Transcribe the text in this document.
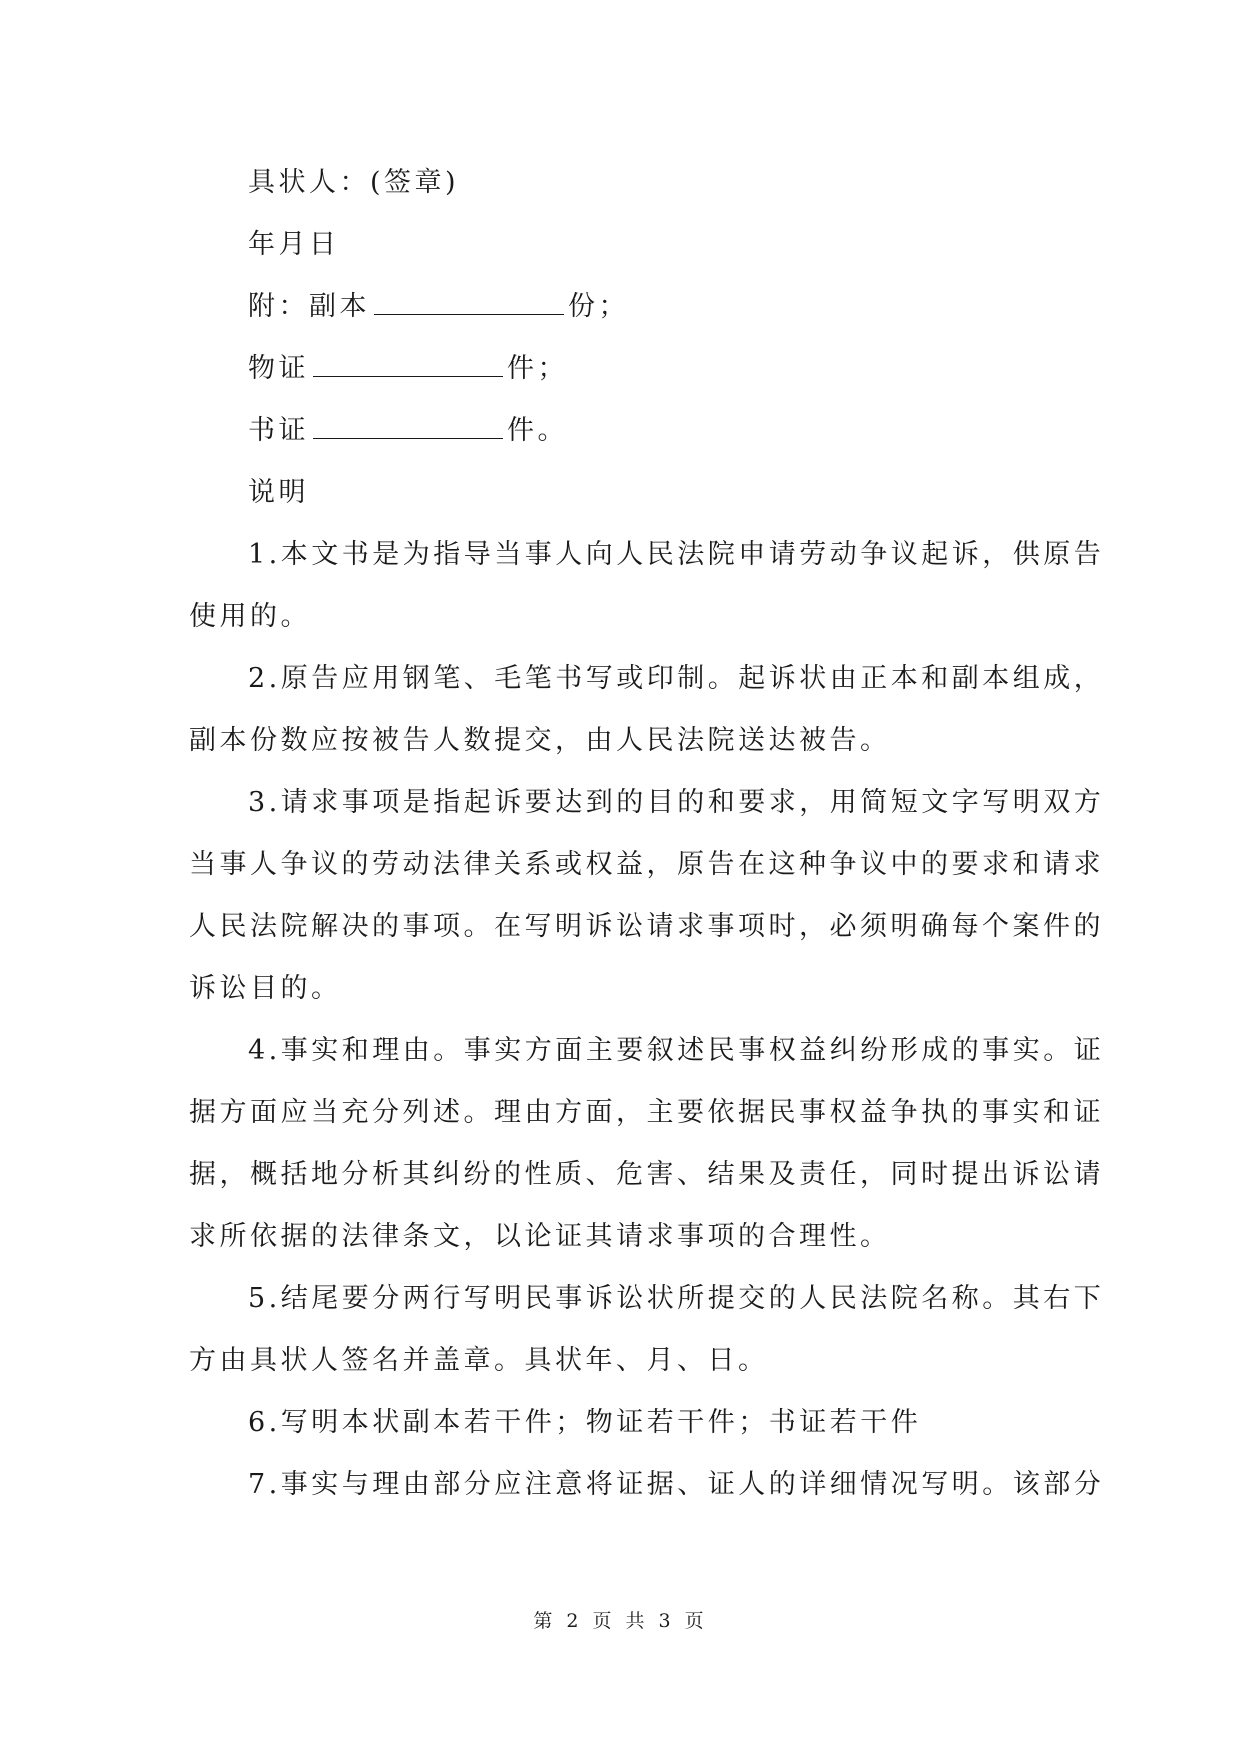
具状人：(签章)
年月日
附：副本	份；
物证	件；
书证	件。
说明
1.本文书是为指导当事人向人民法院申请劳动争议起诉，供原告
使用的。
2.原告应用钢笔、毛笔书写或印制。起诉状由正本和副本组成，
副本份数应按被告人数提交，由人民法院送达被告。
3.请求事项是指起诉要达到的目的和要求，用简短文字写明双方
当事人争议的劳动法律关系或权益，原告在这种争议中的要求和请求
人民法院解决的事项。在写明诉讼请求事项时，必须明确每个案件的
诉讼目的。
4.事实和理由。事实方面主要叙述民事权益纠纷形成的事实。证
据方面应当充分列述。理由方面，主要依据民事权益争执的事实和证
据，概括地分析其纠纷的性质、危害、结果及责任，同时提出诉讼请
求所依据的法律条文，以论证其请求事项的合理性。
5.结尾要分两行写明民事诉讼状所提交的人民法院名称。其右下
方由具状人签名并盖章。具状年、月、日。
6.写明本状副本若干件；物证若干件；书证若干件
7.事实与理由部分应注意将证据、证人的详细情况写明。该部分
第 2 页 共 3 页
